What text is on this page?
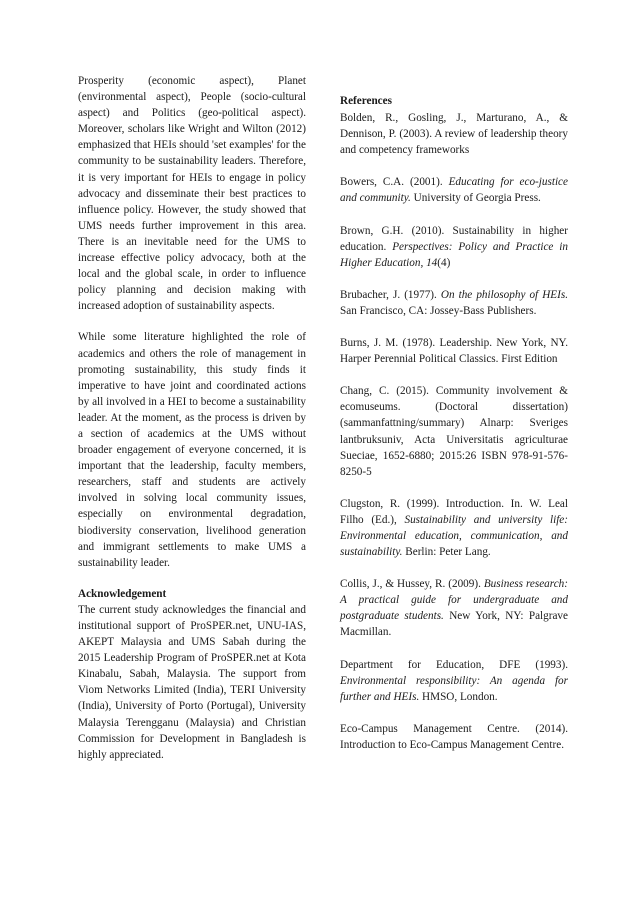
Prosperity (economic aspect), Planet (environmental aspect), People (socio-cultural aspect) and Politics (geo-political aspect). Moreover, scholars like Wright and Wilton (2012) emphasized that HEIs should 'set examples' for the community to be sustainability leaders. Therefore, it is very important for HEIs to engage in policy advocacy and disseminate their best practices to influence policy. However, the study showed that UMS needs further improvement in this area. There is an inevitable need for the UMS to increase effective policy advocacy, both at the local and the global scale, in order to influence policy planning and decision making with increased adoption of sustainability aspects.

While some literature highlighted the role of academics and others the role of management in promoting sustainability, this study finds it imperative to have joint and coordinated actions by all involved in a HEI to become a sustainability leader. At the moment, as the process is driven by a section of academics at the UMS without broader engagement of everyone concerned, it is important that the leadership, faculty members, researchers, staff and students are actively involved in solving local community issues, especially on environmental degradation, biodiversity conservation, livelihood generation and immigrant settlements to make UMS a sustainability leader.

Acknowledgement

The current study acknowledges the financial and institutional support of ProSPER.net, UNU-IAS, AKEPT Malaysia and UMS Sabah during the 2015 Leadership Program of ProSPER.net at Kota Kinabalu, Sabah, Malaysia. The support from Viom Networks Limited (India), TERI University (India), University of Porto (Portugal), University Malaysia Terengganu (Malaysia) and Christian Commission for Development in Bangladesh is highly appreciated.

References

Bolden, R., Gosling, J., Marturano, A., & Dennison, P. (2003). A review of leadership theory and competency frameworks

Bowers, C.A. (2001). Educating for eco-justice and community. University of Georgia Press.

Brown, G.H. (2010). Sustainability in higher education. Perspectives: Policy and Practice in Higher Education, 14(4)

Brubacher, J. (1977). On the philosophy of HEIs. San Francisco, CA: Jossey-Bass Publishers.

Burns, J. M. (1978). Leadership. New York, NY. Harper Perennial Political Classics. First Edition

Chang, C. (2015). Community involvement & ecomuseums. (Doctoral dissertation) (sammanfattning/summary) Alnarp: Sveriges lantbruksuniv, Acta Universitatis agriculturae Sueciae, 1652-6880; 2015:26 ISBN 978-91-576-8250-5

Clugston, R. (1999). Introduction. In. W. Leal Filho (Ed.), Sustainability and university life: Environmental education, communication, and sustainability. Berlin: Peter Lang.

Collis, J., & Hussey, R. (2009). Business research: A practical guide for undergraduate and postgraduate students. New York, NY: Palgrave Macmillan.

Department for Education, DFE (1993). Environmental responsibility: An agenda for further and HEIs. HMSO, London.

Eco-Campus Management Centre. (2014). Introduction to Eco-Campus Management Centre.
